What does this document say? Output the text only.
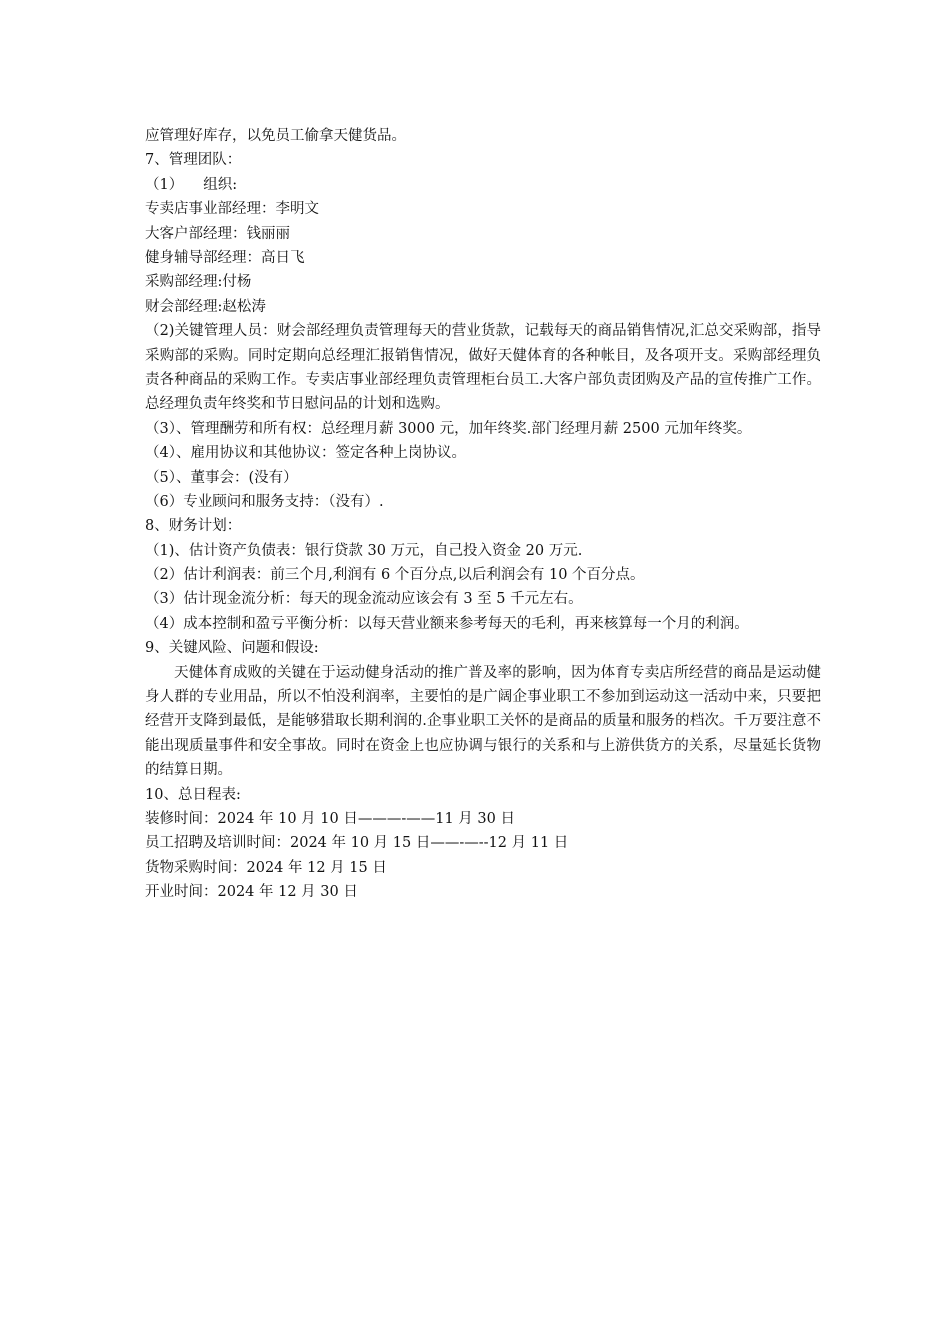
应管理好库存，以免员工偷拿天健货品。
7、管理团队：
（1） 组织:
专卖店事业部经理：李明文
大客户部经理：钱丽丽
健身辅导部经理：高日飞
采购部经理:付杨
财会部经理:赵松涛

（2)关键管理人员：财会部经理负责管理每天的营业货款，记载每天的商品销售情况,汇总交采购部，指导采购部的采购。同时定期向总经理汇报销售情况，做好天健体育的各种帐目，及各项开支。采购部经理负责各种商品的采购工作。专卖店事业部经理负责管理柜台员工.大客户部负责团购及产品的宣传推广工作。总经理负责年终奖和节日慰问品的计划和选购。

（3）、管理酬劳和所有权：总经理月薪 3000 元，加年终奖.部门经理月薪 2500 元加年终奖。
（4）、雇用协议和其他协议：签定各种上岗协议。
（5）、董事会：(没有）
（6）专业顾问和服务支持：（没有）.
8、财务计划：
（1)、估计资产负债表：银行贷款 30 万元，自己投入资金 20 万元.
（2）估计利润表：前三个月,利润有 6 个百分点,以后利润会有 10 个百分点。
（3）估计现金流分析：每天的现金流动应该会有 3 至 5 千元左右。

（4）成本控制和盈亏平衡分析：以每天营业额来参考每天的毛利，再来核算每一个月的利润。

9、关键风险、问题和假设:

天健体育成败的关键在于运动健身活动的推广普及率的影响，因为体育专卖店所经营的商品是运动健身人群的专业用品，所以不怕没利润率，主要怕的是广阔企事业职工不参加到运动这一活动中来，只要把经营开支降到最低，是能够猎取长期利润的.企事业职工关怀的是商品的质量和服务的档次。千万要注意不能出现质量事件和安全事故。同时在资金上也应协调与银行的关系和与上游供货方的关系，尽量延长货物的结算日期。

10、总日程表:
装修时间：2024 年 10 月 10 日———-——11 月 30 日
员工招聘及培训时间：2024 年 10 月 15 日——-—--12 月 11 日
货物采购时间：2024 年 12 月 15 日
开业时间：2024 年 12 月 30 日
